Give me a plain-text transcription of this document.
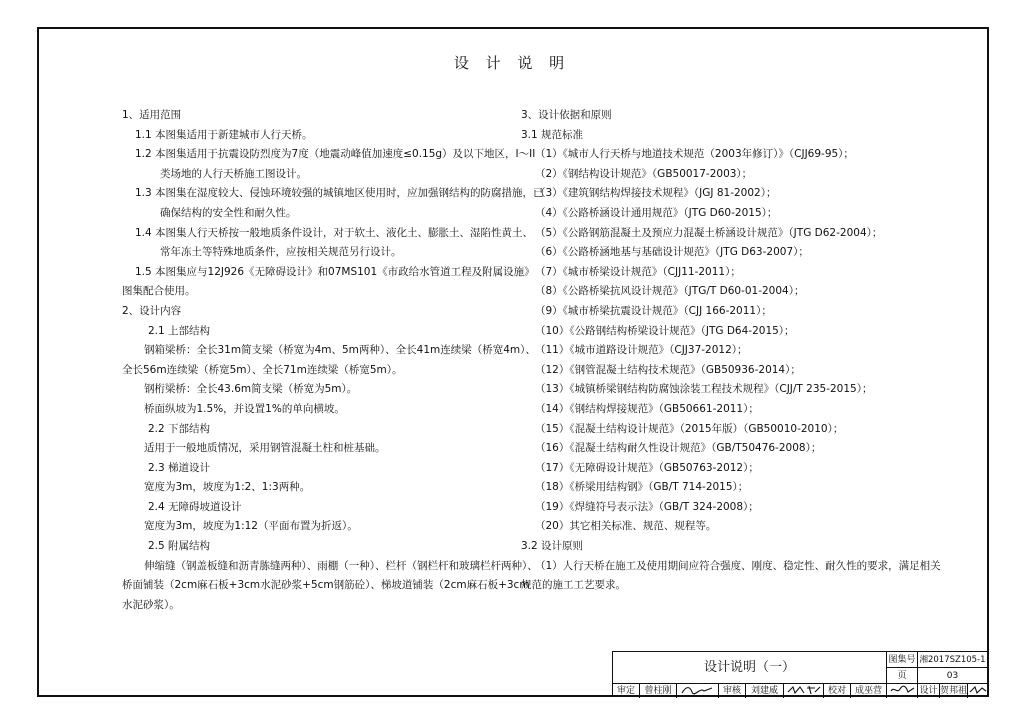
设 计 说 明
1、适用范围
1.1 本图集适用于新建城市人行天桥。
1.2 本图集适用于抗震设防烈度为7度（地震动峰值加速度≤0.15g）及以下地区，I～II
类场地的人行天桥施工图设计。
1.3 本图集在湿度较大、侵蚀环境较强的城镇地区使用时，应加强钢结构的防腐措施，已
确保结构的安全性和耐久性。
1.4 本图集人行天桥按一般地质条件设计，对于软土、液化土、膨胀土、湿陷性黄土、
常年冻土等特殊地质条件，应按相关规范另行设计。
1.5 本图集应与12J926《无障碍设计》和07MS101《市政给水管道工程及附属设施》
图集配合使用。
2、设计内容
2.1 上部结构
钢箱梁桥：全长31m简支梁（桥宽为4m、5m两种）、全长41m连续梁（桥宽4m）、
全长56m连续梁（桥宽5m）、全长71m连续梁（桥宽5m）。
钢桁梁桥：全长43.6m简支梁（桥宽为5m）。
桥面纵坡为1.5%，并设置1%的单向横坡。
2.2 下部结构
适用于一般地质情况，采用钢管混凝土柱和桩基础。
2.3 梯道设计
宽度为3m，坡度为1:2、1:3两种。
2.4 无障碍坡道设计
宽度为3m，坡度为1:12（平面布置为折返）。
2.5 附属结构
伸缩缝（钢盖板缝和沥青胨缝两种）、雨棚（一种）、栏杆（钢栏杆和玻璃栏杆两种）、
桥面铺装（2cm麻石板+3cm水泥砂浆+5cm钢筋砼）、梯坡道铺装（2cm麻石板+3cm
水泥砂浆）。
3、设计依据和原则
3.1 规范标准
（1）《城市人行天桥与地道技术规范（2003年修订）》（CJJ69-95）；
（2）《钢结构设计规范》（GB50017-2003）；
（3）《建筑钢结构焊接技术规程》（JGJ 81-2002）；
（4）《公路桥涵设计通用规范》（JTG D60-2015）；
（5）《公路钢筋混凝土及预应力混凝土桥涵设计规范》（JTG D62-2004）；
（6）《公路桥涵地基与基础设计规范》（JTG D63-2007）；
（7）《城市桥梁设计规范》（CJJ11-2011）；
（8）《公路桥梁抗风设计规范》（JTG/T D60-01-2004）；
（9）《城市桥梁抗震设计规范》（CJJ 166-2011）；
（10）《公路钢结构桥梁设计规范》（JTG D64-2015）；
（11）《城市道路设计规范》（CJJ37-2012）；
（12）《钢管混凝土结构技术规范》（GB50936-2014）；
（13）《城镇桥梁钢结构防腐蚀涂装工程技术规程》（CJJ/T 235-2015）；
（14）《钢结构焊接规范》（GB50661-2011）；
（15）《混凝土结构设计规范》（2015年版）（GB50010-2010）；
（16）《混凝土结构耐久性设计规范》（GB/T50476-2008）；
（17）《无障碍设计规范》（GB50763-2012）；
（18）《桥梁用结构钢》（GB/T 714-2015）；
（19）《焊缝符号表示法》（GB/T 324-2008）；
（20）其它相关标准、规范、规程等。
3.2 设计原则
（1）人行天桥在施工及使用期间应符合强度、刚度、稳定性、耐久性的要求，满足相关
规范的施工工艺要求。
设计说明（一）	图集号 湘2017SZ105-1
页	03
审定	曾柱刚	审核	刘建威	校对 成巫营	设计 贺邦祖
